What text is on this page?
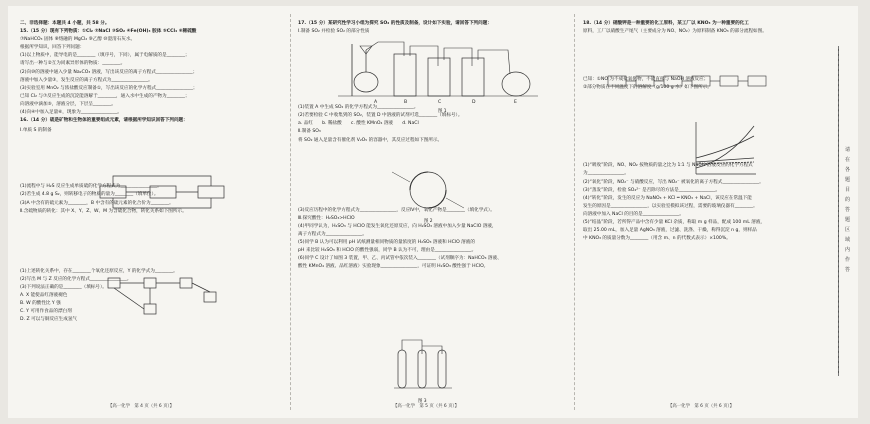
二、非选择题：本题共 4 小题，共 58 分。

15.（15 分）现有下列物质：①Cl₂ ②NaCl ③SO₂ ④Fe(OH)₃ 胶体 ⑤CCl₄ ⑥稀硫酸

⑦NaHCO₃ 固体 ⑧熔融的 MgCl₂ ⑨乙醇 ⑩澄清石灰水。

根据所学知识，回答下列问题：

(1)以上物质中，能导电的是________（填序号，下同），属于电解质的是________；

请写出一种与②互为同素异形体的物质：________。

(2)向⑩的溶液中通入少量 Na₂CO₃ 溶液，写出该反应的离子方程式________________；

溶液中加入少量③，发生反应的离子方程式为________________。

(3)实验室用 MnO₂ 与浓盐酸反应制备①，写出该反应的化学方程式________________；

已知 Cl₂ 与⑦反应生成的沉淀能溶解于________，通入水中生成的产物为________；

向溶液中滴加⑤，溶液分层，下层呈________。

(4)向④中加入足量⑥，现象为________________。

16.（14 分）硫是矿物和生物体的重要组成元素，请根据所学知识回答下列问题：

Ⅰ.单质 S 的制备

(1)流程中与 H₂S 反应生成单质硫的化学方程式为________________。

(2)若生成 4.8 g S₂，则转移电子的物质的量为________（填单位）。

(3)A 中含有的硫元素为________，B 中含有的硫元素的化合价为________。

Ⅱ.含硫物质的转化：其中 X、Y、Z、W、M 为含硫化合物，转化关系如下图所示。

(1)上述转化关系中，存在________个氧化还原反应，Y 的化学式为________。

(2)写出 M 与 Z 反应的化学方程式________________。

(3)下列说法正确的是________（填标号）。

A. X 能使品红溶液褪色

B. W 的酸性比 Y 强

C. Y 可用作食品的漂白剂

D. Z 可以与铜反应生成氢气

17.（15 分）某研究性学习小组为探究 SO₂ 的性质及制备，设计如下实验，请回答下列问题：

Ⅰ.制备 SO₂ 并检验 SO₂ 的部分性质

(1)装置 A 中生成 SO₂ 的化学方程式为________________。

(2)若要检验 C 中收集到的 SO₂，装置 D 中溶液的试剂可选________（填标号）。

a. 品红　　b. 稀盐酸　　c. 酸性 KMnO₄ 溶液　　d. NaCl

Ⅱ.制备 SO₃

将 SO₂ 通入足量含有催化剂 V₂O₅ 的容器中，其反应过程如下图所示。

(3)反应历程中的化学方程式为________________，反应Ⅳ中，氧化产物是________（填化学式）。

Ⅲ.探究酸性：H₂SO₃>HClO

(4)甲同学认为，H₂SO₃ 与 HClO 能发生氧化还原反应，向 H₂SO₃ 溶液中加入少量 NaClO 溶液，

离子方程式为________________。

(5)同学 B 认为可以利用 pH 试纸测量相同物质的量浓度的 H₂SO₃ 溶液和 HClO 溶液的

pH 来比较 H₂SO₃ 和 HClO 的酸性强弱，同学 B 认为不可，理由是________________。

(6)同学 C 设计了如图 3 装置，甲、乙、丙试管中依次装入________（试剂顺序为：NaHCO₃ 溶液、

酸性 KMnO₄ 溶液、品红溶液）实验现象________________，可证明 H₂SO₃ 酸性强于 HClO。

18.（14 分）硝酸钾是一种重要的化工原料，某工厂以 KNO₃ 为一种重要的化工

原料，工厂以硝酸生产尾气（主要成分为 NO、NO₂）为原料制备 KNO₃ 的部分流程如图。

已知：①NO 为不成盐氧化物，不能直接与 NaOH 溶液反应；

②部分物质在不同温度下的溶解度（g/100 g 水）如下图所示。

(1)“吸收”阶段，NO、NO₂ 按物质的量之比为 1∶1 与 NaOH 溶液反应的化学方程式

为________________。

(2)“氧化”阶段，NO₂⁻ 与硝酸反应，写出 NO₂⁻ 被氧化的离子方程式________________。

(3)“蒸发”阶段，检验 SO₄²⁻ 是否除尽的方法是________________。

(4)“转化”阶段，发生的反应为 NaNO₃ + KCl ═ KNO₃ + NaCl，该反应在常温下能

发生的原因是________________，以实验室模拟该过程，需要的玻璃仪器有________。

向溶液中加入 NaCl 的目的是________________。

(5)“结晶”阶段，若所得产品中含有少量 KCl 杂质，称取 m g 样品，配成 100 mL 溶液，

取出 25.00 mL，加入足量 AgNO₃ 溶液，过滤、洗涤、干燥，称得沉淀 n g，则样品

中 KNO₃ 的质量分数为________（用含 m、n 的代数式表示）×100%。

A	B	C	D	E
【高一化学　第 4 页（共 6 页）】	【高一化学　第 5 页（共 6 页）】	【高一化学　第 6 页（共 6 页）】
请
在
各
题
目
的
答
题
区
域
内
作
答
图 1
图 2
图 3
